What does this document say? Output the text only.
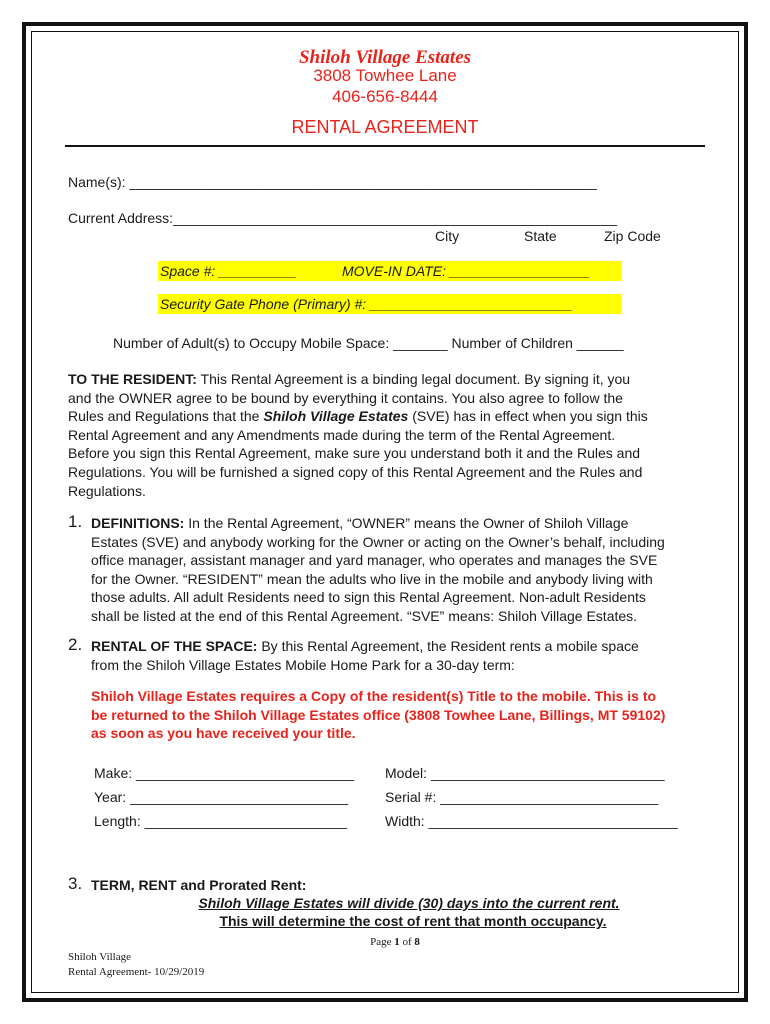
Shiloh Village Estates
3808 Towhee Lane
406-656-8444
RENTAL AGREEMENT
Name(s): ____________________________________________________________
Current Address:_________________________________________________________
City	State	Zip Code
Space #: __________	MOVE-IN DATE: __________________
Security Gate Phone (Primary) #: __________________________
Number of Adult(s) to Occupy Mobile Space: _______ Number of Children ______
TO THE RESIDENT: This Rental Agreement is a binding legal document. By signing it, you
and the OWNER agree to be bound by everything it contains. You also agree to follow the
Rules and Regulations that the Shiloh Village Estates (SVE) has in effect when you sign this
Rental Agreement and any Amendments made during the term of the Rental Agreement.
Before you sign this Rental Agreement, make sure you understand both it and the Rules and
Regulations. You will be furnished a signed copy of this Rental Agreement and the Rules and
Regulations.
1. DEFINITIONS: In the Rental Agreement, “OWNER” means the Owner of Shiloh Village
Estates (SVE) and anybody working for the Owner or acting on the Owner’s behalf, including
office manager, assistant manager and yard manager, who operates and manages the SVE
for the Owner. “RESIDENT” mean the adults who live in the mobile and anybody living with
those adults. All adult Residents need to sign this Rental Agreement. Non-adult Residents
shall be listed at the end of this Rental Agreement. “SVE” means: Shiloh Village Estates.
2. RENTAL OF THE SPACE: By this Rental Agreement, the Resident rents a mobile space
from the Shiloh Village Estates Mobile Home Park for a 30-day term:
Shiloh Village Estates requires a Copy of the resident(s) Title to the mobile. This is to
be returned to the Shiloh Village Estates office (3808 Towhee Lane, Billings, MT 59102)
as soon as you have received your title.
Make: ____________________________ Model: ______________________________
Year: ____________________________	Serial #: ____________________________
Length: __________________________	Width: ________________________________
3. TERM, RENT and Prorated Rent:
Shiloh Village Estates will divide (30) days into the current rent.
This will determine the cost of rent that month occupancy.
Page 1 of 8
Shiloh Village
Rental Agreement- 10/29/2019
